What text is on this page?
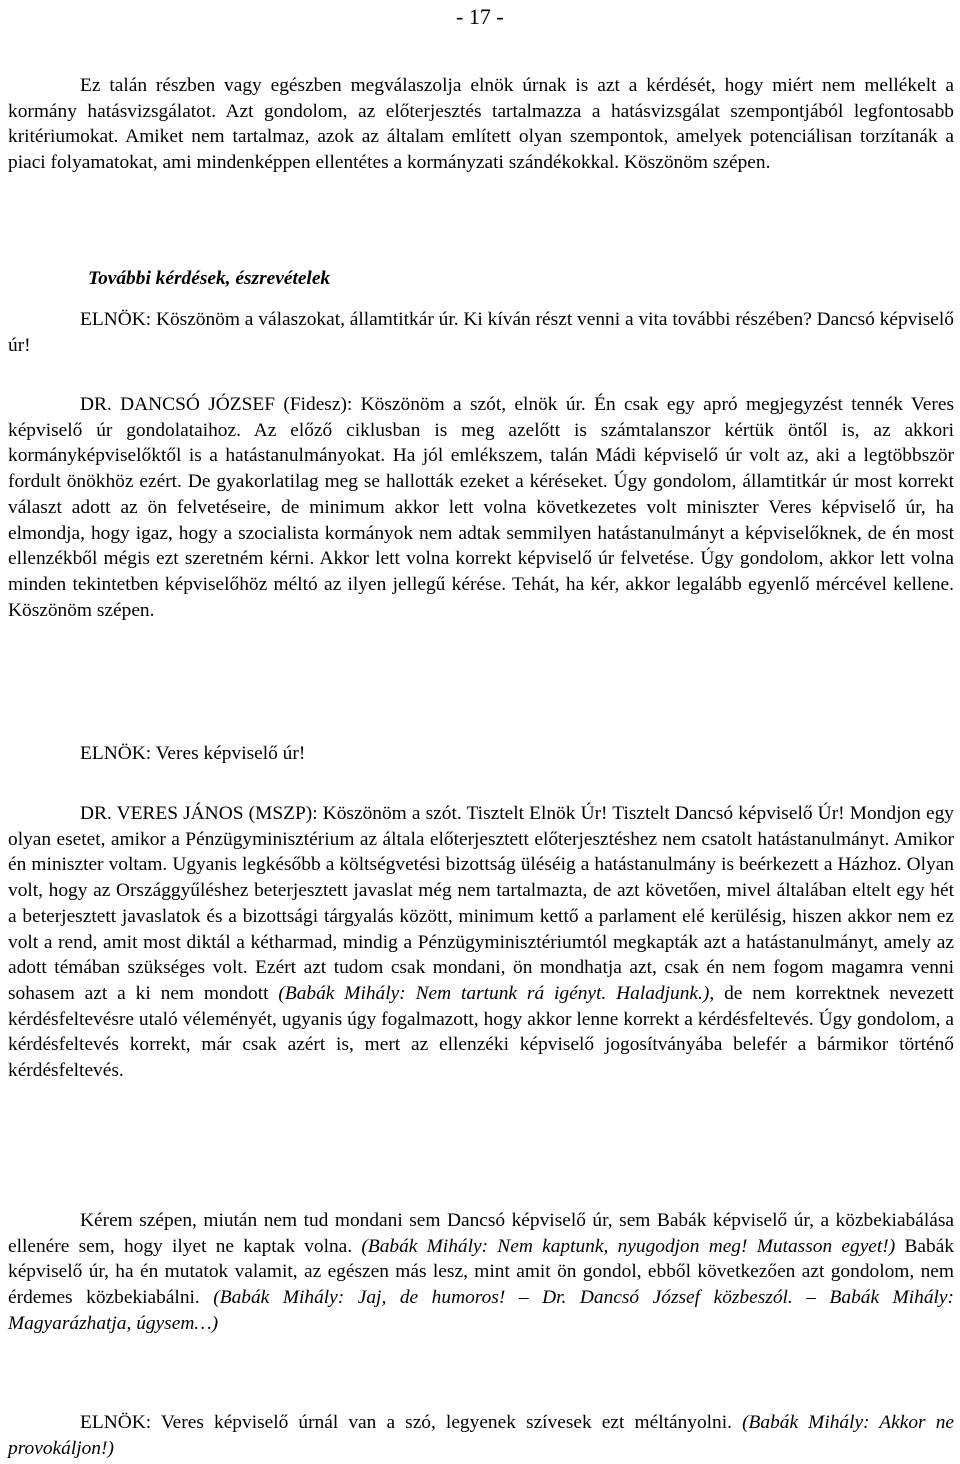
- 17 -

Ez talán részben vagy egészben megválaszolja elnök úrnak is azt a kérdését, hogy miért nem mellékelt a kormány hatásvizsgálatot. Azt gondolom, az előterjesztés tartalmazza a hatásvizsgálat szempontjából legfontosabb kritériumokat. Amiket nem tartalmaz, azok az általam említett olyan szempontok, amelyek potenciálisan torzítanák a piaci folyamatokat, ami mindenképpen ellentétes a kormányzati szándékokkal. Köszönöm szépen.

További kérdések, észrevételek

ELNÖK: Köszönöm a válaszokat, államtitkár úr. Ki kíván részt venni a vita további részében? Dancsó képviselő úr!

DR. DANCSÓ JÓZSEF (Fidesz): Köszönöm a szót, elnök úr. Én csak egy apró megjegyzést tennék Veres képviselő úr gondolataihoz. Az előző ciklusban is meg azelőtt is számtalanszor kértük öntől is, az akkori kormányképviselőktől is a hatástanulmányokat. Ha jól emlékszem, talán Mádi képviselő úr volt az, aki a legtöbbször fordult önökhöz ezért. De gyakorlatilag meg se hallották ezeket a kéréseket. Úgy gondolom, államtitkár úr most korrekt választ adott az ön felvetéseire, de minimum akkor lett volna következetes volt miniszter Veres képviselő úr, ha elmondja, hogy igaz, hogy a szocialista kormányok nem adtak semmilyen hatástanulmányt a képviselőknek, de én most ellenzékből mégis ezt szeretném kérni. Akkor lett volna korrekt képviselő úr felvetése. Úgy gondolom, akkor lett volna minden tekintetben képviselőhöz méltó az ilyen jellegű kérése. Tehát, ha kér, akkor legalább egyenlő mércével kellene. Köszönöm szépen.

ELNÖK: Veres képviselő úr!

DR. VERES JÁNOS (MSZP): Köszönöm a szót. Tisztelt Elnök Úr! Tisztelt Dancsó képviselő Úr! Mondjon egy olyan esetet, amikor a Pénzügyminisztérium az általa előterjesztett előterjesztéshez nem csatolt hatástanulmányt. Amikor én miniszter voltam. Ugyanis legkésőbb a költségvetési bizottság üléséig a hatástanulmány is beérkezett a Házhoz. Olyan volt, hogy az Országgyűléshez beterjesztett javaslat még nem tartalmazta, de azt követően, mivel általában eltelt egy hét a beterjesztett javaslatok és a bizottsági tárgyalás között, minimum kettő a parlament elé kerülésig, hiszen akkor nem ez volt a rend, amit most diktál a kétharmad, mindig a Pénzügyminisztériumtól megkapták azt a hatástanulmányt, amely az adott témában szükséges volt. Ezért azt tudom csak mondani, ön mondhatja azt, csak én nem fogom magamra venni sohasem azt a ki nem mondott (Babák Mihály: Nem tartunk rá igényt. Haladjunk.), de nem korrektnek nevezett kérdésfeltevésre utaló véleményét, ugyanis úgy fogalmazott, hogy akkor lenne korrekt a kérdésfeltevés. Úgy gondolom, a kérdésfeltevés korrekt, már csak azért is, mert az ellenzéki képviselő jogosítványába belefér a bármikor történő kérdésfeltevés.

Kérem szépen, miután nem tud mondani sem Dancsó képviselő úr, sem Babák képviselő úr, a közbekiabálása ellenére sem, hogy ilyet ne kaptak volna. (Babák Mihály: Nem kaptunk, nyugodjon meg! Mutasson egyet!) Babák képviselő úr, ha én mutatok valamit, az egészen más lesz, mint amit ön gondol, ebből következően azt gondolom, nem érdemes közbekiabálni. (Babák Mihály: Jaj, de humoros! – Dr. Dancsó József közbeszól. – Babák Mihály: Magyarázhatja, úgysem…)

ELNÖK: Veres képviselő úrnál van a szó, legyenek szívesek ezt méltányolni. (Babák Mihály: Akkor ne provokáljon!)
